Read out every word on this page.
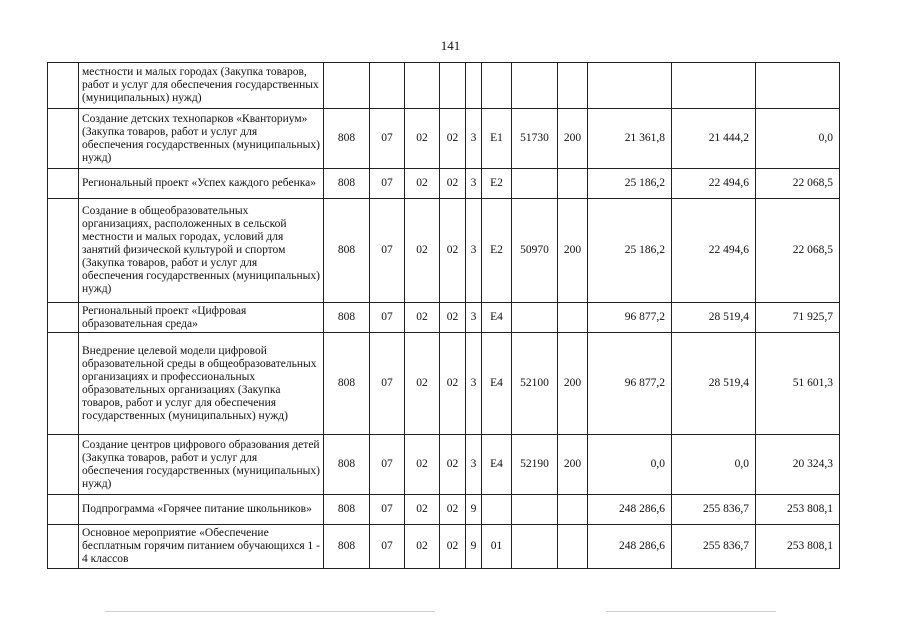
141
	местности и малых городах (Закупка товаров, работ и услуг для обеспечения государственных (муниципальных) нужд)											
	Создание детских технопарков «Кванториум» (Закупка товаров, работ и услуг для обеспечения государственных (муниципальных) нужд)	808	07	02	02	3	E1	51730	200	21 361,8	21 444,2	0,0
	Региональный проект «Успех каждого ребенка»	808	07	02	02	3	E2			25 186,2	22 494,6	22 068,5
	Создание в общеобразовательных организациях, расположенных в сельской местности и малых городах, условий для занятий физической культурой и спортом (Закупка товаров, работ и услуг для обеспечения государственных (муниципальных) нужд)	808	07	02	02	3	E2	50970	200	25 186,2	22 494,6	22 068,5
	Региональный проект «Цифровая образовательная среда»	808	07	02	02	3	E4			96 877,2	28 519,4	71 925,7
	Внедрение целевой модели цифровой образовательной среды в общеобразовательных организациях и профессиональных образовательных организациях (Закупка товаров, работ и услуг для обеспечения государственных (муниципальных) нужд)	808	07	02	02	3	E4	52100	200	96 877,2	28 519,4	51 601,3
	Создание центров цифрового образования детей (Закупка товаров, работ и услуг для обеспечения государственных (муниципальных) нужд)	808	07	02	02	3	E4	52190	200	0,0	0,0	20 324,3
	Подпрограмма «Горячее питание школьников»	808	07	02	02	9				248 286,6	255 836,7	253 808,1
	Основное мероприятие «Обеспечение бесплатным горячим питанием обучающихся 1 - 4 классов	808	07	02	02	9	01			248 286,6	255 836,7	253 808,1
